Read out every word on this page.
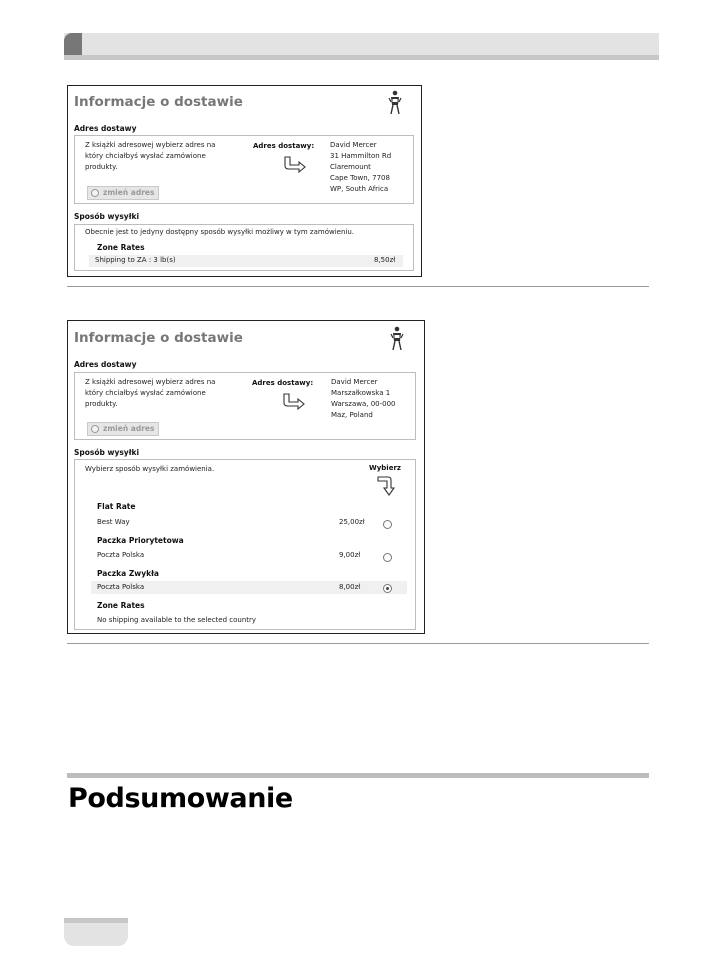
Informacje o dostawie
Adres dostawy
Z książki adresowej wybierz adres na
który chciałbyś wysłać zamówione
produkty.
zmień adres
Adres dostawy: David Mercer
31 Hammilton Rd
Claremount
Cape Town, 7708
WP, South Africa
Sposób wysyłki
Obecnie jest to jedyny dostępny sposób wysyłki możliwy w tym zamówieniu.
Zone Rates
Shipping to ZA : 3 lb(s)	8,50zł
Informacje o dostawie
Adres dostawy
Z książki adresowej wybierz adres na
który chciałbyś wysłać zamówione
produkty.
zmień adres
Adres dostawy:	David Mercer
Marszałkowska 1
Warszawa, 00-000
Maz, Poland
Sposób wysyłki
Wybierz sposób wysyłki zamówienia.	Wybierz
Flat Rate
Best Way	25,00zł
Paczka Priorytetowa
Poczta Polska	9,00zł
Paczka Zwykła
Poczta Polska	8,00zł
Zone Rates
No shipping available to the selected country
Podsumowanie
